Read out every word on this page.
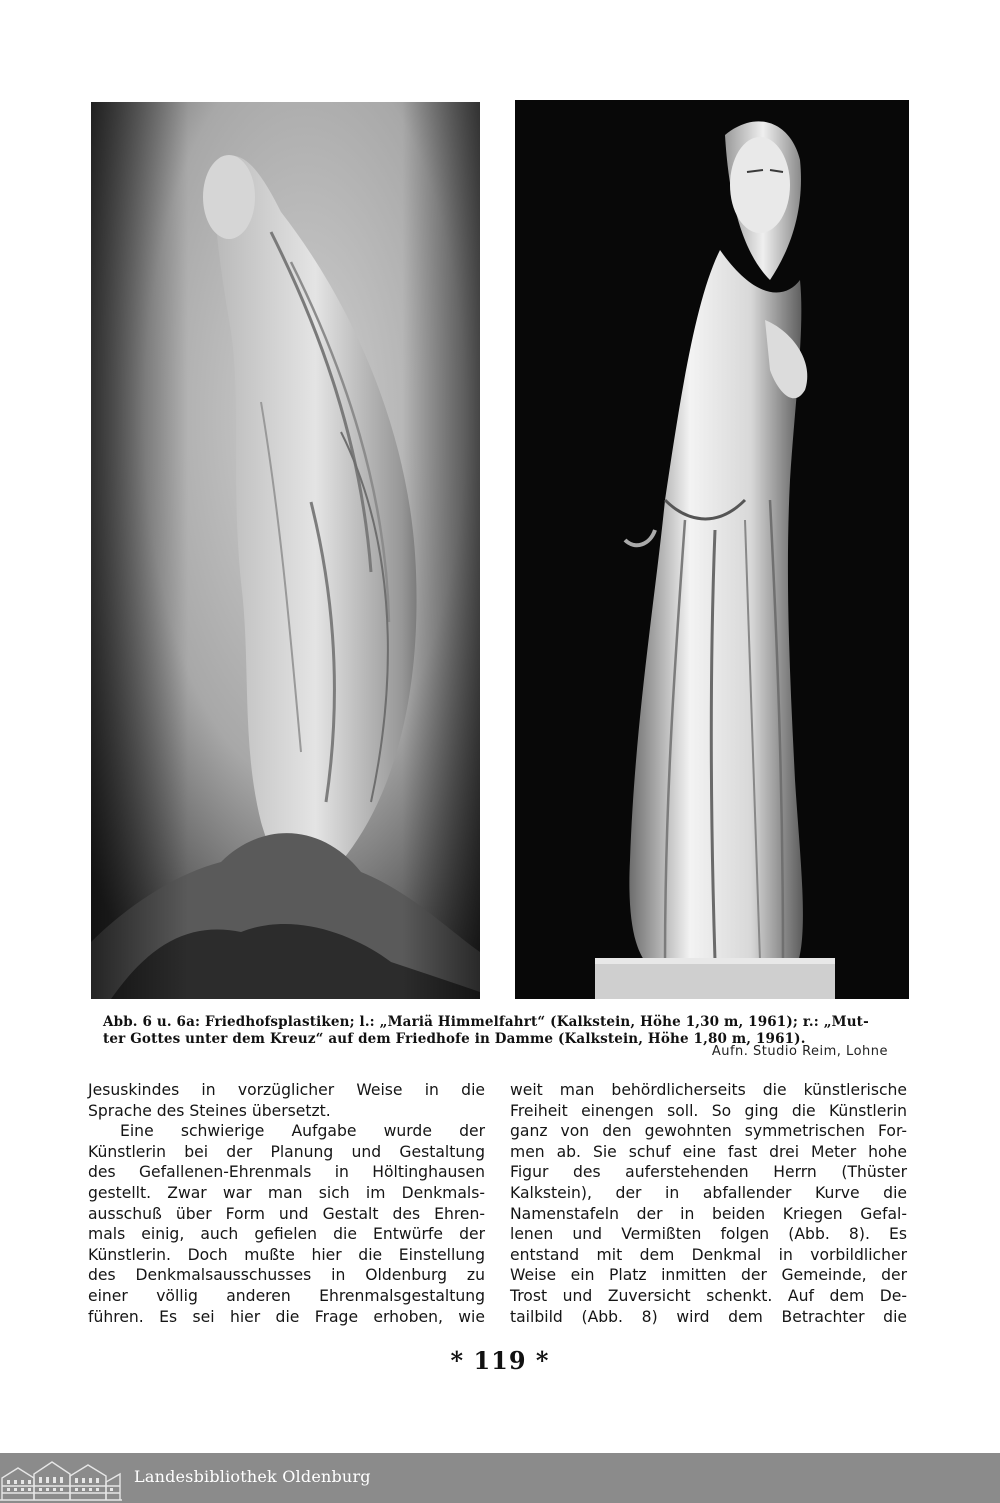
Abb. 6 u. 6a: Friedhofsplastiken; l.: „Mariä Himmelfahrt“ (Kalkstein, Höhe 1,30 m, 1961); r.: „Mut-
ter Gottes unter dem Kreuz“ auf dem Friedhofe in Damme (Kalkstein, Höhe 1,80 m, 1961).
Aufn. Studio Reim, Lohne
Jesuskindes in vorzüglicher Weise in die
Sprache des Steines übersetzt.
Eine schwierige Aufgabe wurde der
Künstlerin bei der Planung und Gestaltung
des Gefallenen-Ehrenmals in Höltinghausen
gestellt. Zwar war man sich im Denkmals-
ausschuß über Form und Gestalt des Ehren-
mals einig, auch gefielen die Entwürfe der
Künstlerin. Doch mußte hier die Einstellung
des Denkmalsausschusses in Oldenburg zu
einer völlig anderen Ehrenmalsgestaltung
führen. Es sei hier die Frage erhoben, wie
weit man behördlicherseits die künstlerische
Freiheit einengen soll. So ging die Künstlerin
ganz von den gewohnten symmetrischen For-
men ab. Sie schuf eine fast drei Meter hohe
Figur des auferstehenden Herrn (Thüster
Kalkstein), der in abfallender Kurve die
Namenstafeln der in beiden Kriegen Gefal-
lenen und Vermißten folgen (Abb. 8). Es
entstand mit dem Denkmal in vorbildlicher
Weise ein Platz inmitten der Gemeinde, der
Trost und Zuversicht schenkt. Auf dem De-
tailbild (Abb. 8) wird dem Betrachter die
* 119 *
Landesbibliothek Oldenburg
